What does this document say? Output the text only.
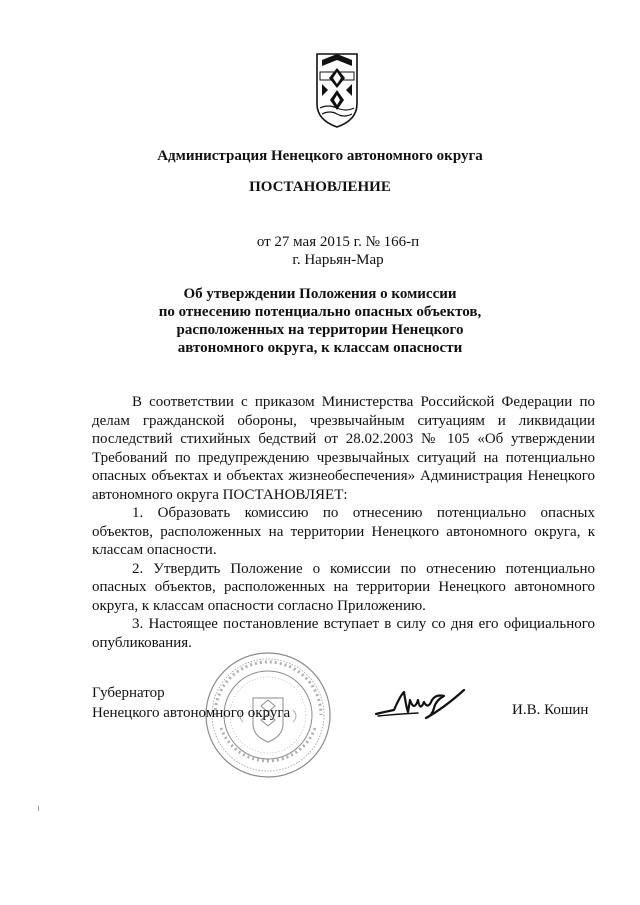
Администрация Ненецкого автономного округа
ПОСТАНОВЛЕНИЕ
от 27 мая 2015 г. № 166-п
г. Нарьян-Мар
Об утверждении Положения о комиссии
по отнесению потенциально опасных объектов,
расположенных на территории Ненецкого
автономного округа, к классам опасности

В соответствии с приказом Министерства Российской Федерации по делам гражданской обороны, чрезвычайным ситуациям и ликвидации последствий стихийных бедствий от 28.02.2003 № 105 «Об утверждении Требований по предупреждению чрезвычайных ситуаций на потенциально опасных объектах и объектах жизнеобеспечения» Администрация Ненецкого автономного округа ПОСТАНОВЛЯЕТ:

1. Образовать комиссию по отнесению потенциально опасных объектов, расположенных на территории Ненецкого автономного округа, к классам опасности.

2. Утвердить Положение о комиссии по отнесению потенциально опасных объектов, расположенных на территории Ненецкого автономного округа, к классам опасности согласно Приложению.

3. Настоящее постановление вступает в силу со дня его официального опубликования.

Губернатор
Ненецкого автономного округа	И.В. Кошин
